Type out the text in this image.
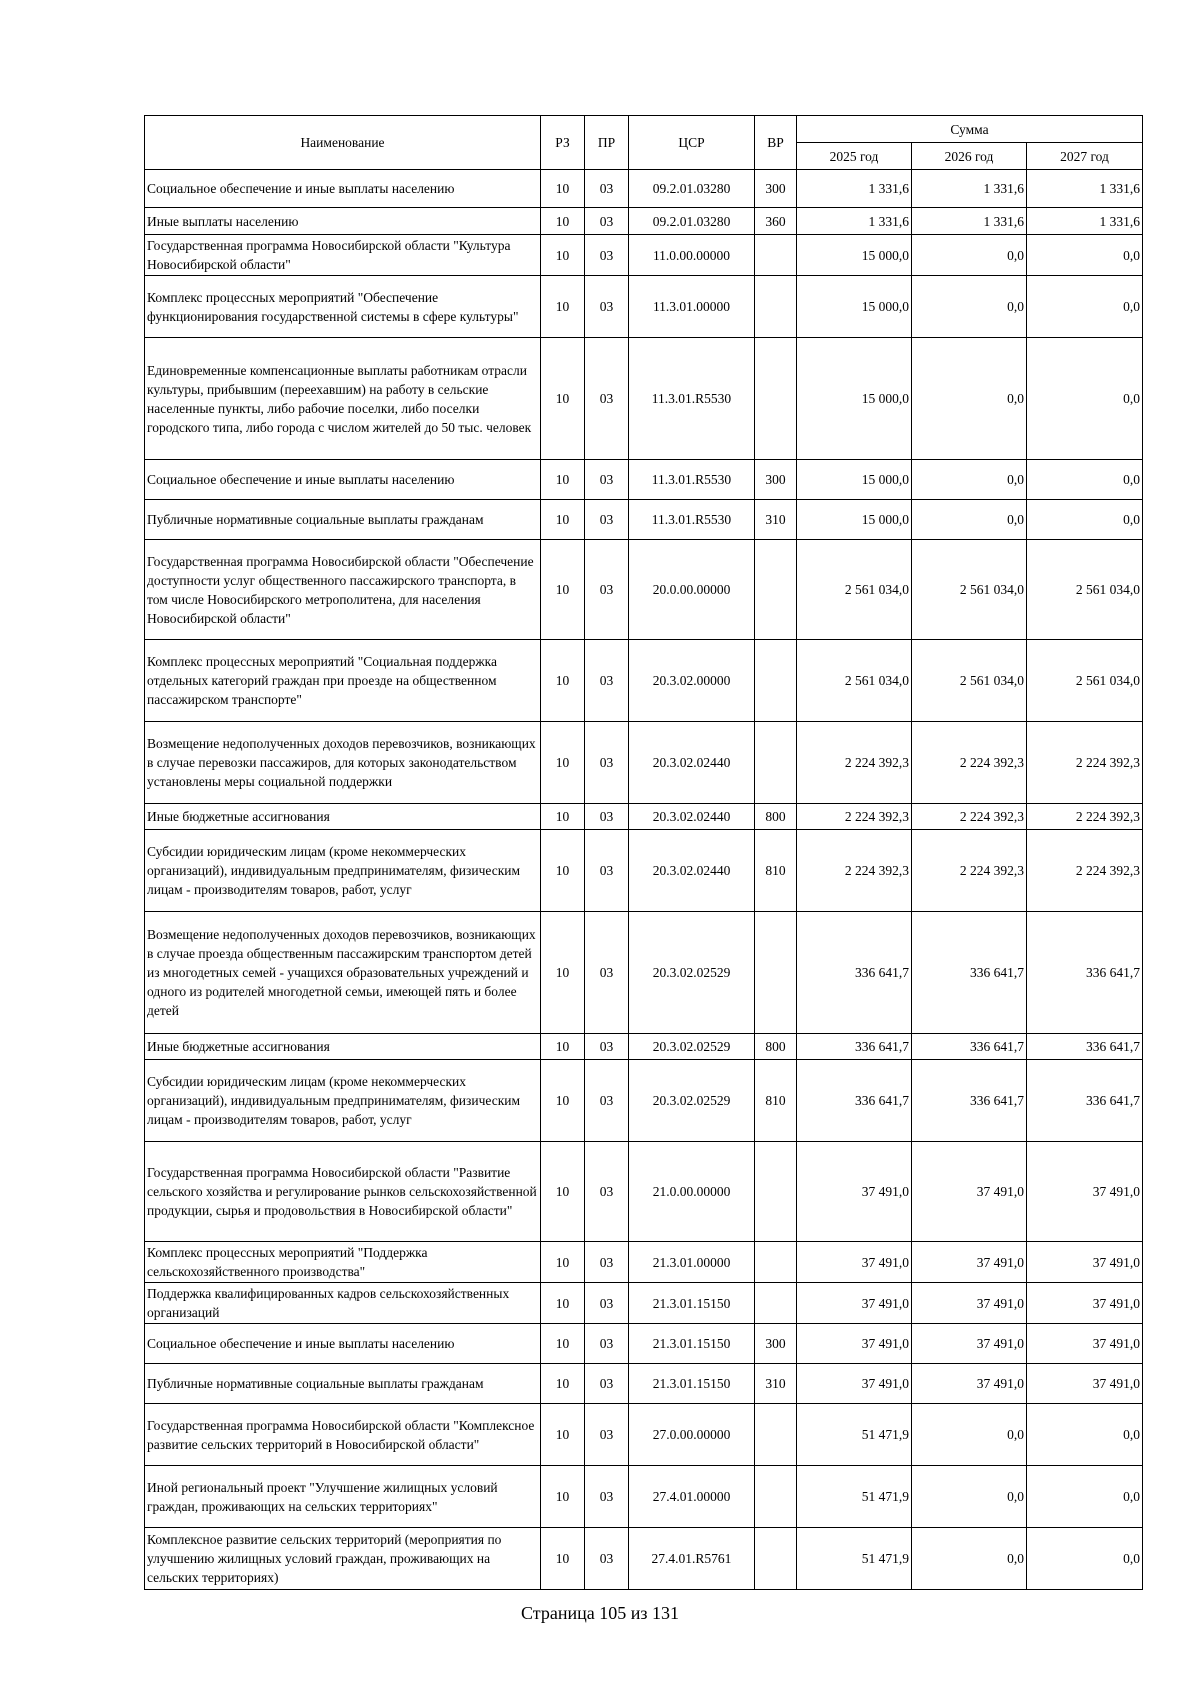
Наименование	РЗ	ПР	ЦСР	ВР	Сумма		
					2025 год	2026 год	2027 год
Социальное обеспечение и иные выплаты населению	10	03	09.2.01.03280	300	1 331,6	1 331,6	1 331,6
Иные выплаты населению	10	03	09.2.01.03280	360	1 331,6	1 331,6	1 331,6
Государственная программа Новосибирской области "Культура Новосибирской области"	10	03	11.0.00.00000		15 000,0	0,0	0,0
Комплекс процессных мероприятий "Обеспечение функционирования государственной системы в сфере культуры"	10	03	11.3.01.00000		15 000,0	0,0	0,0
Единовременные компенсационные выплаты работникам отрасли культуры, прибывшим (переехавшим) на работу в сельские населенные пункты, либо рабочие поселки, либо поселки городского типа, либо города с числом жителей до 50 тыс. человек	10	03	11.3.01.R5530		15 000,0	0,0	0,0
Социальное обеспечение и иные выплаты населению	10	03	11.3.01.R5530	300	15 000,0	0,0	0,0
Публичные нормативные социальные выплаты гражданам	10	03	11.3.01.R5530	310	15 000,0	0,0	0,0
Государственная программа Новосибирской области "Обеспечение доступности услуг общественного пассажирского транспорта, в том числе Новосибирского метрополитена, для населения Новосибирской области"	10	03	20.0.00.00000		2 561 034,0	2 561 034,0	2 561 034,0
Комплекс процессных мероприятий "Социальная поддержка отдельных категорий граждан при проезде на общественном пассажирском транспорте"	10	03	20.3.02.00000		2 561 034,0	2 561 034,0	2 561 034,0
Возмещение недополученных доходов перевозчиков, возникающих в случае перевозки пассажиров, для которых законодательством установлены меры социальной поддержки	10	03	20.3.02.02440		2 224 392,3	2 224 392,3	2 224 392,3
Иные бюджетные ассигнования	10	03	20.3.02.02440	800	2 224 392,3	2 224 392,3	2 224 392,3
Субсидии юридическим лицам (кроме некоммерческих организаций), индивидуальным предпринимателям, физическим лицам - производителям товаров, работ, услуг	10	03	20.3.02.02440	810	2 224 392,3	2 224 392,3	2 224 392,3
Возмещение недополученных доходов перевозчиков, возникающих в случае проезда общественным пассажирским транспортом детей из многодетных семей - учащихся образовательных учреждений и одного из родителей многодетной семьи, имеющей пять и более детей	10	03	20.3.02.02529		336 641,7	336 641,7	336 641,7
Иные бюджетные ассигнования	10	03	20.3.02.02529	800	336 641,7	336 641,7	336 641,7
Субсидии юридическим лицам (кроме некоммерческих организаций), индивидуальным предпринимателям, физическим лицам - производителям товаров, работ, услуг	10	03	20.3.02.02529	810	336 641,7	336 641,7	336 641,7
Государственная программа Новосибирской области "Развитие сельского хозяйства и регулирование рынков сельскохозяйственной продукции, сырья и продовольствия в Новосибирской области"	10	03	21.0.00.00000		37 491,0	37 491,0	37 491,0
Комплекс процессных мероприятий "Поддержка сельскохозяйственного производства"	10	03	21.3.01.00000		37 491,0	37 491,0	37 491,0
Поддержка квалифицированных кадров сельскохозяйственных организаций	10	03	21.3.01.15150		37 491,0	37 491,0	37 491,0
Социальное обеспечение и иные выплаты населению	10	03	21.3.01.15150	300	37 491,0	37 491,0	37 491,0
Публичные нормативные социальные выплаты гражданам	10	03	21.3.01.15150	310	37 491,0	37 491,0	37 491,0
Государственная программа Новосибирской области "Комплексное развитие сельских территорий в Новосибирской области"	10	03	27.0.00.00000		51 471,9	0,0	0,0
Иной региональный проект "Улучшение жилищных условий граждан, проживающих на сельских территориях"	10	03	27.4.01.00000		51 471,9	0,0	0,0
Комплексное развитие сельских территорий (мероприятия по улучшению жилищных условий граждан, проживающих на сельских территориях)	10	03	27.4.01.R5761		51 471,9	0,0	0,0
Страница 105 из 131
